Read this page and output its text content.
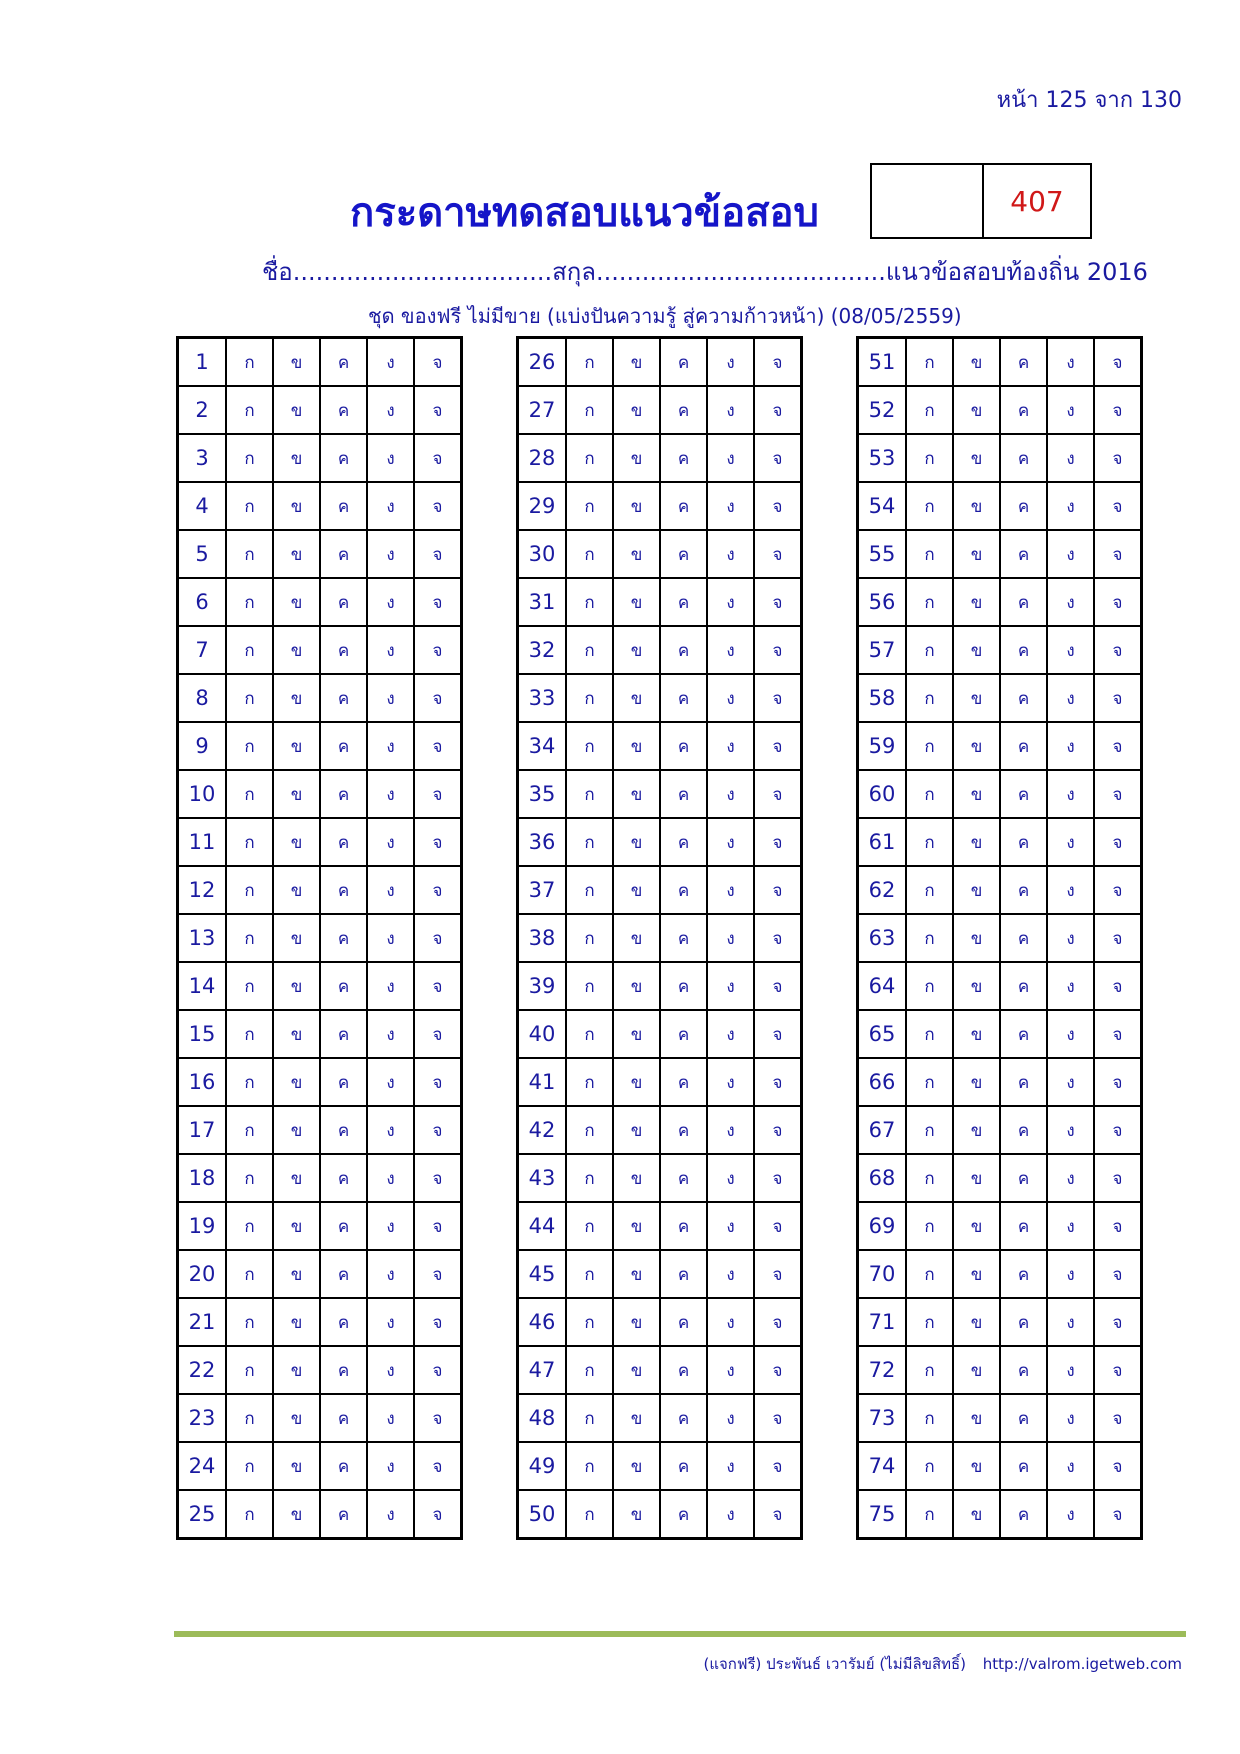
หน้า 125 จาก 130
กระดาษทดสอบแนวข้อสอบ	407
ชื่อ..................................สกุล......................................แนวข้อสอบท้องถิ่น 2016
ชุด ของฟรี ไม่มีขาย (แบ่งปันความรู้ สู่ความก้าวหน้า) (08/05/2559)
1	ก	ข	ค	ง	จ
2	ก	ข	ค	ง	จ
3	ก	ข	ค	ง	จ
4	ก	ข	ค	ง	จ
5	ก	ข	ค	ง	จ
6	ก	ข	ค	ง	จ
7	ก	ข	ค	ง	จ
8	ก	ข	ค	ง	จ
9	ก	ข	ค	ง	จ
10	ก	ข	ค	ง	จ
11	ก	ข	ค	ง	จ
12	ก	ข	ค	ง	จ
13	ก	ข	ค	ง	จ
14	ก	ข	ค	ง	จ
15	ก	ข	ค	ง	จ
16	ก	ข	ค	ง	จ
17	ก	ข	ค	ง	จ
18	ก	ข	ค	ง	จ
19	ก	ข	ค	ง	จ
20	ก	ข	ค	ง	จ
21	ก	ข	ค	ง	จ
22	ก	ข	ค	ง	จ
23	ก	ข	ค	ง	จ
24	ก	ข	ค	ง	จ
25	ก	ข	ค	ง	จ
26	ก	ข	ค	ง	จ
27	ก	ข	ค	ง	จ
28	ก	ข	ค	ง	จ
29	ก	ข	ค	ง	จ
30	ก	ข	ค	ง	จ
31	ก	ข	ค	ง	จ
32	ก	ข	ค	ง	จ
33	ก	ข	ค	ง	จ
34	ก	ข	ค	ง	จ
35	ก	ข	ค	ง	จ
36	ก	ข	ค	ง	จ
37	ก	ข	ค	ง	จ
38	ก	ข	ค	ง	จ
39	ก	ข	ค	ง	จ
40	ก	ข	ค	ง	จ
41	ก	ข	ค	ง	จ
42	ก	ข	ค	ง	จ
43	ก	ข	ค	ง	จ
44	ก	ข	ค	ง	จ
45	ก	ข	ค	ง	จ
46	ก	ข	ค	ง	จ
47	ก	ข	ค	ง	จ
48	ก	ข	ค	ง	จ
49	ก	ข	ค	ง	จ
50	ก	ข	ค	ง	จ
51	ก	ข	ค	ง	จ
52	ก	ข	ค	ง	จ
53	ก	ข	ค	ง	จ
54	ก	ข	ค	ง	จ
55	ก	ข	ค	ง	จ
56	ก	ข	ค	ง	จ
57	ก	ข	ค	ง	จ
58	ก	ข	ค	ง	จ
59	ก	ข	ค	ง	จ
60	ก	ข	ค	ง	จ
61	ก	ข	ค	ง	จ
62	ก	ข	ค	ง	จ
63	ก	ข	ค	ง	จ
64	ก	ข	ค	ง	จ
65	ก	ข	ค	ง	จ
66	ก	ข	ค	ง	จ
67	ก	ข	ค	ง	จ
68	ก	ข	ค	ง	จ
69	ก	ข	ค	ง	จ
70	ก	ข	ค	ง	จ
71	ก	ข	ค	ง	จ
72	ก	ข	ค	ง	จ
73	ก	ข	ค	ง	จ
74	ก	ข	ค	ง	จ
75	ก	ข	ค	ง	จ
(แจกฟรี) ประพันธ์ เวารัมย์ (ไม่มีลิขสิทธิ์) http://valrom.igetweb.com
